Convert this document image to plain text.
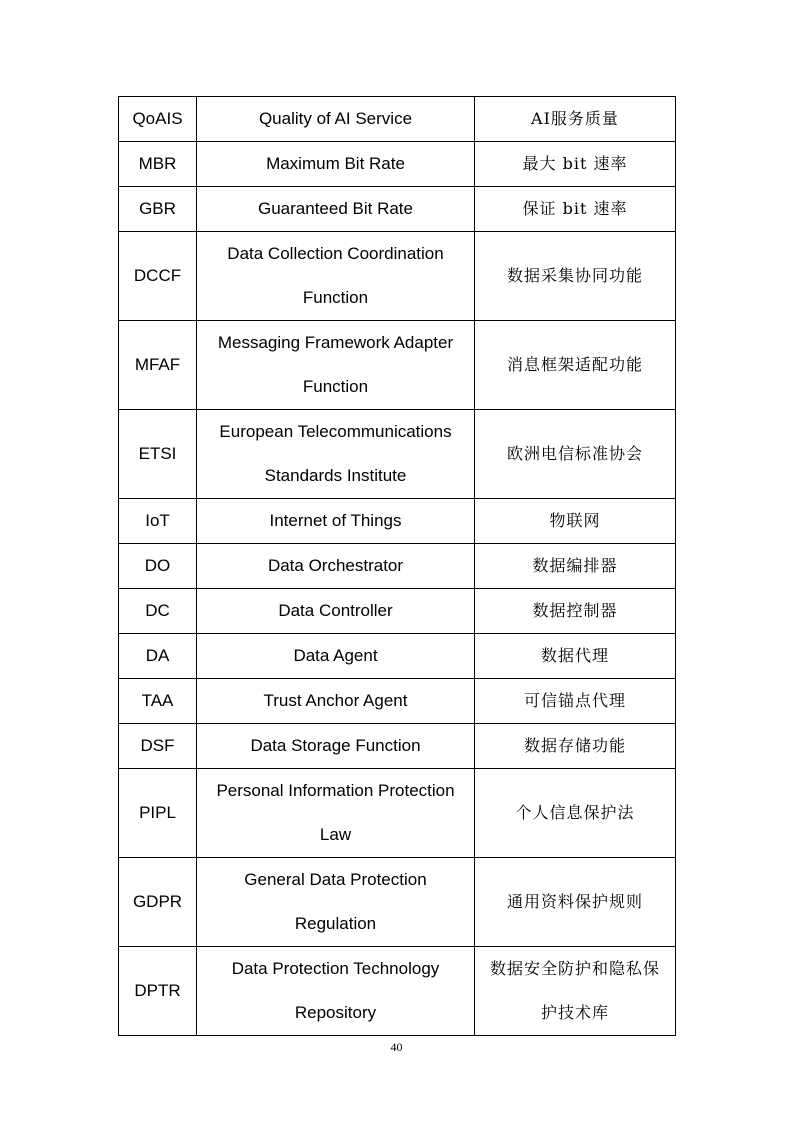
QoAIS	Quality of AI Service	AI服务质量
MBR	Maximum Bit Rate	最大 bit 速率
GBR	Guaranteed Bit Rate	保证 bit 速率
DCCF	Data Collection Coordination Function	数据采集协同功能
MFAF	Messaging Framework Adapter Function	消息框架适配功能
ETSI	European Telecommunications Standards Institute	欧洲电信标准协会
IoT	Internet of Things	物联网
DO	Data Orchestrator	数据编排器
DC	Data Controller	数据控制器
DA	Data Agent	数据代理
TAA	Trust Anchor Agent	可信锚点代理
DSF	Data Storage Function	数据存储功能
PIPL	Personal Information Protection Law	个人信息保护法
GDPR	General Data Protection Regulation	通用资料保护规则
DPTR	Data Protection Technology Repository	数据安全防护和隐私保护技术库
40
